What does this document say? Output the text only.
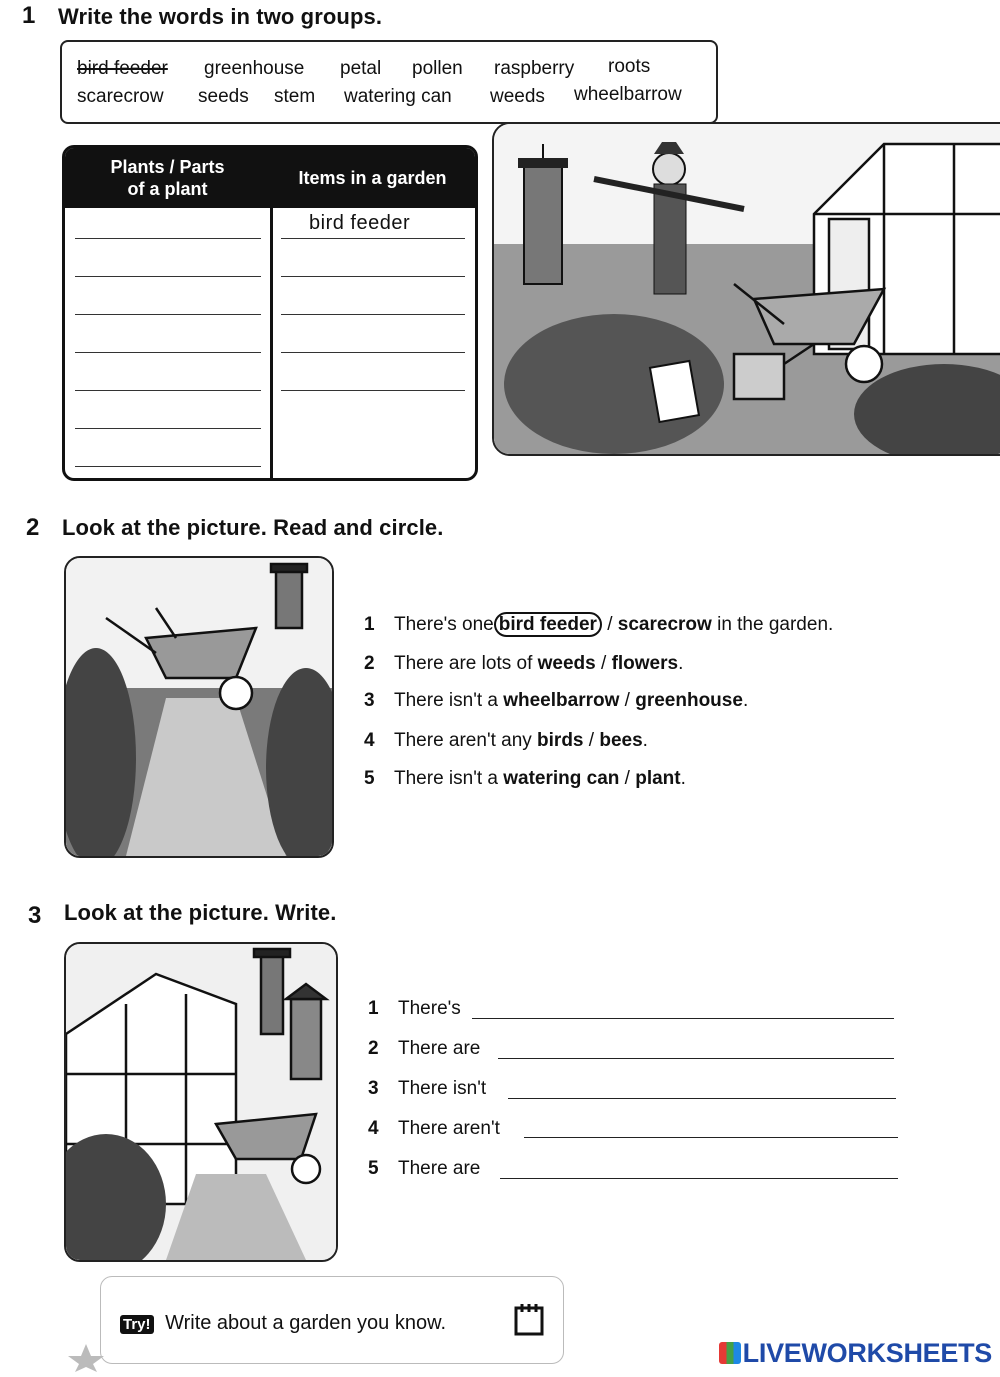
1 Write the words in two groups.
bird feeder greenhouse petal pollen raspberry roots
scarecrow seeds stem watering can weeds wheelbarrow
Plants / Parts
of a plant
Items in a garden
bird feeder
2 Look at the picture. Read and circle.
1 There's one bird feeder / scarecrow in the garden.
2 There are lots of weeds / flowers.
3 There isn't a wheelbarrow / greenhouse.
4 There aren't any birds / bees.
5 There isn't a watering can / plant.
3 Look at the picture. Write.
1 There's
2 There are
3 There isn't
4 There aren't
5 There are
Try! Write about a garden you know.
LIVEWORKSHEETS
